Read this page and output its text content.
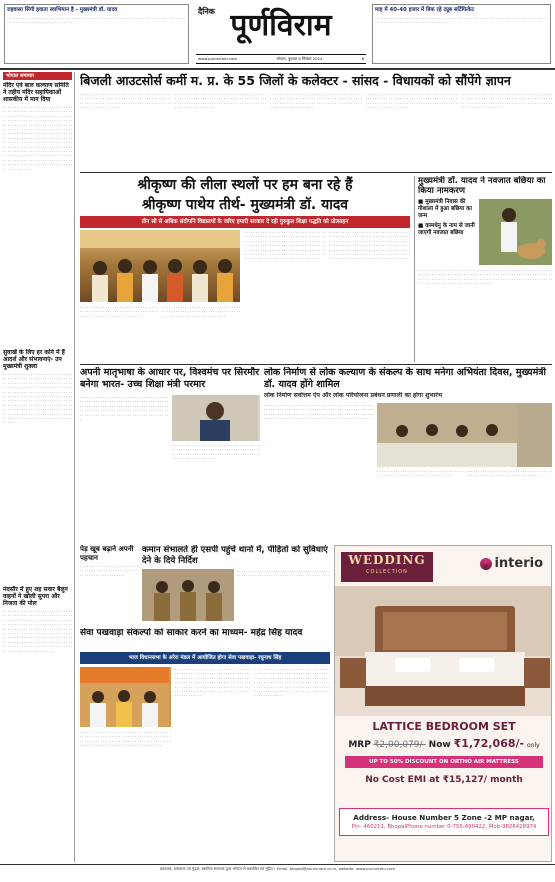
राहवासा सिंगी हवाता स्वाभिमान है - मुख्यमंत्री डॉ. यादव
. . . . . . . . . . . . . . . . . . . . . . . . . . . . . . . . . . . . . . . . . . . . . . . . . . . . . . . . . . . . . . . . . . . . . . . . . . . . . . . . . . . . . . . . . . . . . . . . . . . . . . . . . . . .
दैनिक पूर्णविराम
www.purnviram.com	भोपाल, बुधवार 8 सितंबर 2024	8
माह में 40-40 हजार में बिक रहे ट्यूब सर्टिफिकेट
. . . . . . . . . . . . . . . . . . . . . . . . . . . . . . . . . . . . . . . . . . . . . . . . . . . . . . . . . . . . . . . . . . . . . . . . . . . . . . . . . . . . . . . . . . . . . . . . . . . . . . . . . . . .
भोपाल समाचार
मंदिर एवं बाल कल्याण समिति ने तहीय मंदिर सहायिकाओं शासकीय में मान दिया
. . . . . . . . . . . . . . . . . . . . . . . . . . . . . . . . . . . . . . . . . . . . . . . . . . . . . . . . . . . . . . . . . . . . . . . . . . . . . . . . . . . . . . . . . . . . . . . . . . . . . . . . . . . . . . . . . . . . . . . . . . . . . . . . . . . . . . . . . . . . . . . . . . . . . . . . . . . . . . . . . . . . . . . . . . . . . . . . . . . . . . . . . . . . . . . . . . . . . . . . . . . . . . . . . . . . . . . . . . . . . . . . . . . . . . . . . . . . . . . . . . . . . . . . . . . . . . . . . . . . . . . . . . . . . . . . . . . . . . . . . . . . . . . . . . . . . . . . . . . . . . . . . . . . . . . . . . . . . . . . . . . . . . . . . . . . . . . . . . . . . . . . . . . . . . . . . . . . . . . . . . . . . . . . . . . . . . . . . . . . . . . . . . . . . . . . . . . . . . . . . . . . . . . . . . . . . . . . . . . . . . . . . . . . . . . . .
सुवाखें के लिए हर कोने में हैं आदर्श और संभावनाएं- उप मुख्यमंत्री शुक्ला
. . . . . . . . . . . . . . . . . . . . . . . . . . . . . . . . . . . . . . . . . . . . . . . . . . . . . . . . . . . . . . . . . . . . . . . . . . . . . . . . . . . . . . . . . . . . . . . . . . . . . . . . . . . . . . . . . . . . . . . . . . . . . . . . . . . . . . . . . . . . . . . . . . . . . . . . . . . . . . . . . . . . . . . . . . . . . . . . . . . . . . . . . . . . . . . . . . . . . . . . . . . . . . . . . . . . . . . . . . . . . . . . . . . . . . . . . . . . . . . . . . . . . . . . . . . . . . . . . . . . . . . . . . . . . . . . . . . . . . . . . . . . . . . . . . . . . . . . . . . . . . . . . . . . . . . . . . . . . . . . . . . . . . . . . . . . . . . .
मंदसौर में हुए शह सवार बैलुन वाहनों ने खोली सुपरा और निजता की पोल
. . . . . . . . . . . . . . . . . . . . . . . . . . . . . . . . . . . . . . . . . . . . . . . . . . . . . . . . . . . . . . . . . . . . . . . . . . . . . . . . . . . . . . . . . . . . . . . . . . . . . . . . . . . . . . . . . . . . . . . . . . . . . . . . . . . . . . . . . . . . . . . . . . . . . . . . . . . . . . . . . . . . . . . . . . . . . . . . . . . . . . . . . . . . . . . . . . . . . . . . . . . . . . . . . . . . . . . . . . . . . . . . . . . . . . . . . . . . . . . . . . . . . . . . . . . . . . . . . . . . . . . . . . . . . . . . . . . . . . . . . . . . . . . . . . . . .
बिजली आउटसोर्स कर्मी म. प्र. के 55 जिलों के कलेक्टर - सांसद - विधायकों को सौंपेंगे ज्ञापन
. . . . . . . . . . . . . . . . . . . . . . . . . . . . . . . . . . . . . . . . . . . . . . . . . . . . . . . . . . . . . . . . . . . . . . . . . . . . . . . . . . . . . . . . . . . . . . . . . . . . . . . . . . . . . . . . . . . . . . . . . . . . . . . . . . . . . . . . . .
. . . . . . . . . . . . . . . . . . . . . . . . . . . . . . . . . . . . . . . . . . . . . . . . . . . . . . . . . . . . . . . . . . . . . . . . . . . . . . . . . . . . . . . . . . . . . . . . . . . . . . . . . . . . . . . . . . . . . . . . . . . . . . . . . . . . . . . . . .
. . . . . . . . . . . . . . . . . . . . . . . . . . . . . . . . . . . . . . . . . . . . . . . . . . . . . . . . . . . . . . . . . . . . . . . . . . . . . . . . . . . . . . . . . . . . . . . . . . . . . . . . . . . . . . . . . . . . . . . . . . . . . . . . . . . . . . . . . . .
. . . . . . . . . . . . . . . . . . . . . . . . . . . . . . . . . . . . . . . . . . . . . . . . . . . . . . . . . . . . . . . . . . . . . . . . . . . . . . . . . . . . . . . . . . . . . . . . . . . . . . . . . . . . . . . . . . . . . . . . . . . . . . . . . . . . . . . . . . .
. . . . . . . . . . . . . . . . . . . . . . . . . . . . . . . . . . . . . . . . . . . . . . . . . . . . . . . . . . . . . . . . . . . . . . . . . . . . . . . . . . . . . . . . . . . . . . . . . . . . . . . . . . . . . . . . . . . . . . . . . . . . . . . . . . . . . . . . . . .
श्रीकृष्ण की लीला स्थलों पर हम बना रहे हैं
श्रीकृष्ण पाथेय तीर्थ- मुख्यमंत्री डॉ. यादव
तीन सौ से अधिक संदीपनि विद्यालयों के जरिए हमारी सरकार दे रही गुरुकुल शिक्षा पद्धति को प्रोत्साहन
. . . . . . . . . . . . . . . . . . . . . . . . . . . . . . . . . . . . . . . . . . . . . . . . . . . . . . . . . . . . . . . . . . . . . . . . . . . . . . . . . . . . . . . . . . . . . . . . . . . . . . . . . . . . . . . . . . . . . . . . . . . . . . . . . . . . . . . . . . . . . . . . . . . . . . . . . . . . . . . . . . . . . . . . . . . . . . . . . . . . . . . . . . . . . . . . . . . . . . . . . . . . . . . . . . . . . . . . . . . . . . . . . . . . . . . . . . . . . . . . . . . .
. . . . . . . . . . . . . . . . . . . . . . . . . . . . . . . . . . . . . . . . . . . . . . . . . . . . . . . . . . . . . . . . . . . . . . . . . . . . . . . . . . . . . . . . . . . . . . . . . . . . . . . . . . . . . . . . . . . . . . . . . . . . . . . . . . . . . . . . . . . . . . . . . . . . . . . . . . . . . . . . . . . . . . . . . . . . . . . . . . . . . . . . . . . . . . . . . . . . . . . . . . . . . . . . . . . . . . . . . . . . . . . . . . . . . . . . . . . . . . . . . . . . .
. . . . . . . . . . . . . . . . . . . . . . . . . . . . . . . . . . . . . . . . . . . . . . . . . . . . . . . . . . . . . . . . . . . . . . . . . . . . . . . . . . . . . . . . . . . . . . . .
. . . . . . . . . . . . . . . . . . . . . . . . . . . . . . . . . . . . . . . . . . . . . . . . . . . . . . . . . . . . . . . . . . . . . . . . . . . . . . . . . . . . . . . . . . . . . . . .
मुख्यमंत्री डॉ. यादव ने नवजात बछिया का किया नामकरण
■ मुख्यमंत्री निवास की गौशाला में हुआ बछिया का जन्म
■ कामधेनु के नाम से जानी जाएगी नवजात बछिया
. . . . . . . . . . . . . . . . . . . . . . . . . . . . . . . . . . . . . . . . . . . . . . . . . . . . . . . . . . . . . . . . . . . . . . . . . . . . . . . . . . . . . . . . . . . . . . . . . . . . . . . . . . . . . . . . . . . . . . . . . . . . . . . . . . . . . . . . . . . . . . . . . . . . . . . . . . . . . . . . . . . . . . . . . . . . . . . . . . . . . . . . . . . . . . . . . . . . . . . . . . . . . . . . . .
अपनी मातृभाषा के आधार पर, विश्वमंच पर सिरमौर बनेगा भारत- उच्च शिक्षा मंत्री परमार
. . . . . . . . . . . . . . . . . . . . . . . . . . . . . . . . . . . . . . . . . . . . . . . . . . . . . . . . . . . . . . . . . . . . . . . . . . . . . . . . . . . . . . . . . . . . . . . . . . . . . . . . . . . . . . . . . . . . . . . . . . . . . . . . . . . . . . . . . . . . . . . . . . . . . . . . . . . . . . . . . . . . . . . . . . . . . . . . . . . . . . . . . . . . . . . . . . . .
. . . . . . . . . . . . . . . . . . . . . . . . . . . . . . . . . . . . . . . . . . . . . . . . . . . . . . . . . . . . . . . . . . . . . . . . . . . . . . . . . . . . . . . . . . . . . . . . . . . . . . . . . . . . . . . . . . . . . . . . . . . . . . . . . . . . . . . . .
लोक निर्माण से लोक कल्याण के संकल्प के साथ मनेगा अभियंता दिवस, मुख्यमंत्री डॉ. यादव होंगे शामिल
लोक निर्माण सर्वोत्तम ऐप और लोक परियोजना प्रबंधन प्रणाली का होगा शुभारंभ
. . . . . . . . . . . . . . . . . . . . . . . . . . . . . . . . . . . . . . . . . . . . . . . . . . . . . . . . . . . . . . . . . . . . . . . . . . . . . . . . . . . . . . . . . . . . . . . . . . . . . . . . . . . . . . . . . . . . . . . . . . . . . . . . . . . . . . . . . . . . . . . . . . . . . . . . . . . . . . . . . . . . . . . . . . . . . . . . . . . . . . . . . . . . . . . .
. . . . . . . . . . . . . . . . . . . . . . . . . . . . . . . . . . . . . . . . . . . . . . . . . . . . . . . . . . . . . . . . . . . . . .
. . . . . . . . . . . . . . . . . . . . . . . . . . . . . . . . . . . . . . . . . . . . . . . . . . . . . . . . . . . . . . . . . . . . . .
पेड़ खूब बढ़ाने अपनी पहचान
. . . . . . . . . . . . . . . . . . . . . . . . . . . . . . . . . . . . . . . . . . . . . . . . . . . . . . . . . . . . . . . . . . . . . .
कमान संभालते ही एसपी पहुंचे थानो में, पीड़ितो को सुविधाएं देने के दिये निर्दिश
. . . . . . . . . . . . . . . . . . . . . . . . . . . . . . . . . . . . . . . . . . . . . . . . . . . . . . . . . . . . . . . . . . . . . . . . . . . . . . . . . .
WEDDING
COLLECTION
interio
LATTICE BEDROOM SET
MRP ₹2,00,079/- Now ₹1,72,068/- only
UP TO 50% DISCOUNT ON ORTHO AIR MATTRESS
No Cost EMI at ₹15,127/ month
Address- House Number 5 Zone -2 MP nagar,
Pin- 460211, BhopalPhone number 0-755-490422, Mob-9826428974
सेवा पखवाड़ा संकल्पो को साकार करने का माध्यम- महेंद्र सिंह यादव
भाज विधानसभा के अरेरा मंडल में आयोजित होगा सेवा पखवाड़ा- रघुनाथ सिंह
. . . . . . . . . . . . . . . . . . . . . . . . . . . . . . . . . . . . . . . . . . . . . . . . . . . . . . . . . . . . . . . . . . . . . . . . . . . . . . . . . . . . . . . . . . . . . . . . . . . . . . . . . . . . . . . . . . . . . . . . . . . . . . . . . . . . . . . . . . . . . . . . . . . . . . . . . . . . .
. . . . . . . . . . . . . . . . . . . . . . . . . . . . . . . . . . . . . . . . . . . . . . . . . . . . . . . . . . . . . . . . . . . . . . . . . . . . . . . . . . . . . . . . . . . . . . . . . . . . . . . . . . . . . . . . . . . . . . . . . . . . . . . . . . . . . . . . . . . . . . . . . . . . . . . . . . . . . . . . . . . . . . . . . . . . . . . . . . . . . . . . . . . . . . . . . . . . . . . . . . . . . . . . . .
. . . . . . . . . . . . . . . . . . . . . . . . . . . . . . . . . . . . . . . . . . . . . . . . . . . . . . . . . . . . . . . . . . . . . . . . . . . . . . . . . . . . . . . . . . . . . . . . . . . . . . . . . . . . . . . . . . . . . . . . . . . . . . . . . . . . . . . . . . . . . . . . . . . . . . . . . . . . . . . . . . . . . . . . . . . . . . . . . . . . . . . . . . . . . . . . . . . . . . . . . . . . . . . . . . .
प्रकाशक, प्रकाशक एवं मुद्रक, स्वामित्व संपादक द्वारा भोपाल से प्रकाशित एवं मुद्रित । Email- bhopal@purnviram.co.in, website- www.purnviram.com
